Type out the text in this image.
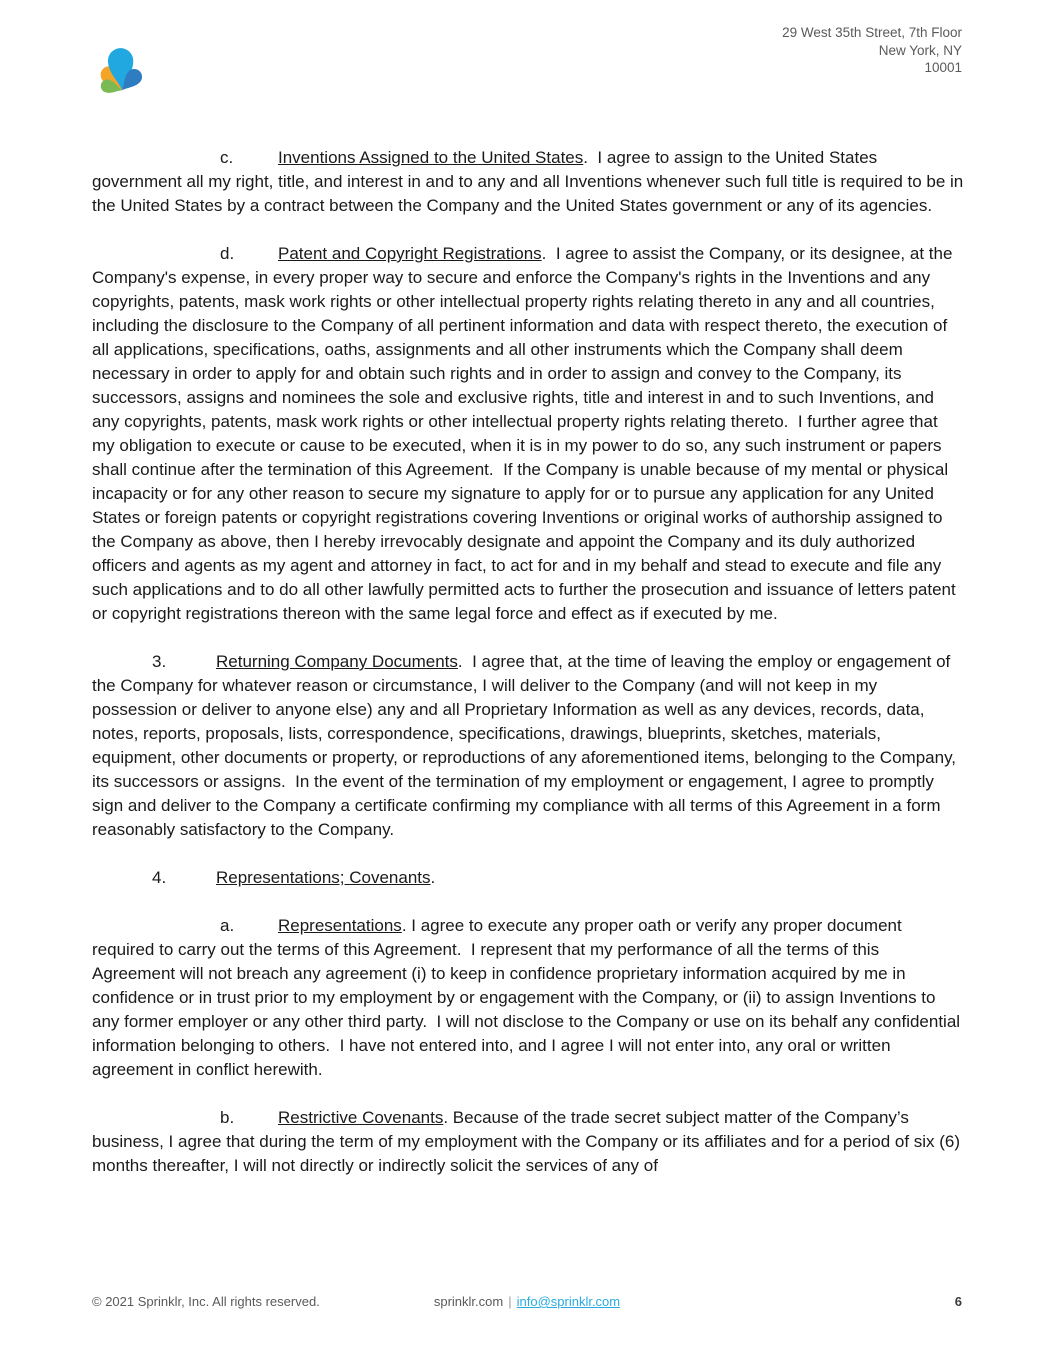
29 West 35th Street, 7th Floor
New York, NY
10001

c.	Inventions Assigned to the United States.  I agree to assign to the United States government all my right, title, and interest in and to any and all Inventions whenever such full title is required to be in the United States by a contract between the Company and the United States government or any of its agencies.

d.	Patent and Copyright Registrations.  I agree to assist the Company, or its designee, at the Company's expense, in every proper way to secure and enforce the Company's rights in the Inventions and any copyrights, patents, mask work rights or other intellectual property rights relating thereto in any and all countries, including the disclosure to the Company of all pertinent information and data with respect thereto, the execution of all applications, specifications, oaths, assignments and all other instruments which the Company shall deem necessary in order to apply for and obtain such rights and in order to assign and convey to the Company, its successors, assigns and nominees the sole and exclusive rights, title and interest in and to such Inventions, and any copyrights, patents, mask work rights or other intellectual property rights relating thereto.  I further agree that my obligation to execute or cause to be executed, when it is in my power to do so, any such instrument or papers shall continue after the termination of this Agreement.  If the Company is unable because of my mental or physical incapacity or for any other reason to secure my signature to apply for or to pursue any application for any United States or foreign patents or copyright registrations covering Inventions or original works of authorship assigned to the Company as above, then I hereby irrevocably designate and appoint the Company and its duly authorized officers and agents as my agent and attorney in fact, to act for and in my behalf and stead to execute and file any such applications and to do all other lawfully permitted acts to further the prosecution and issuance of letters patent or copyright registrations thereon with the same legal force and effect as if executed by me.

3.	Returning Company Documents.  I agree that, at the time of leaving the employ or engagement of the Company for whatever reason or circumstance, I will deliver to the Company (and will not keep in my possession or deliver to anyone else) any and all Proprietary Information as well as any devices, records, data, notes, reports, proposals, lists, correspondence, specifications, drawings, blueprints, sketches, materials, equipment, other documents or property, or reproductions of any aforementioned items, belonging to the Company, its successors or assigns.  In the event of the termination of my employment or engagement, I agree to promptly sign and deliver to the Company a certificate confirming my compliance with all terms of this Agreement in a form reasonably satisfactory to the Company.

4.	Representations; Covenants.

a.	Representations. I agree to execute any proper oath or verify any proper document required to carry out the terms of this Agreement.  I represent that my performance of all the terms of this Agreement will not breach any agreement (i) to keep in confidence proprietary information acquired by me in confidence or in trust prior to my employment by or engagement with the Company, or (ii) to assign Inventions to any former employer or any other third party.  I will not disclose to the Company or use on its behalf any confidential information belonging to others.  I have not entered into, and I agree I will not enter into, any oral or written agreement in conflict herewith.

b.	Restrictive Covenants. Because of the trade secret subject matter of the Company’s business, I agree that during the term of my employment with the Company or its affiliates and for a period of six (6) months thereafter, I will not directly or indirectly solicit the services of any of

© 2021 Sprinklr, Inc. All rights reserved.	sprinklr.com | info@sprinklr.com	6
